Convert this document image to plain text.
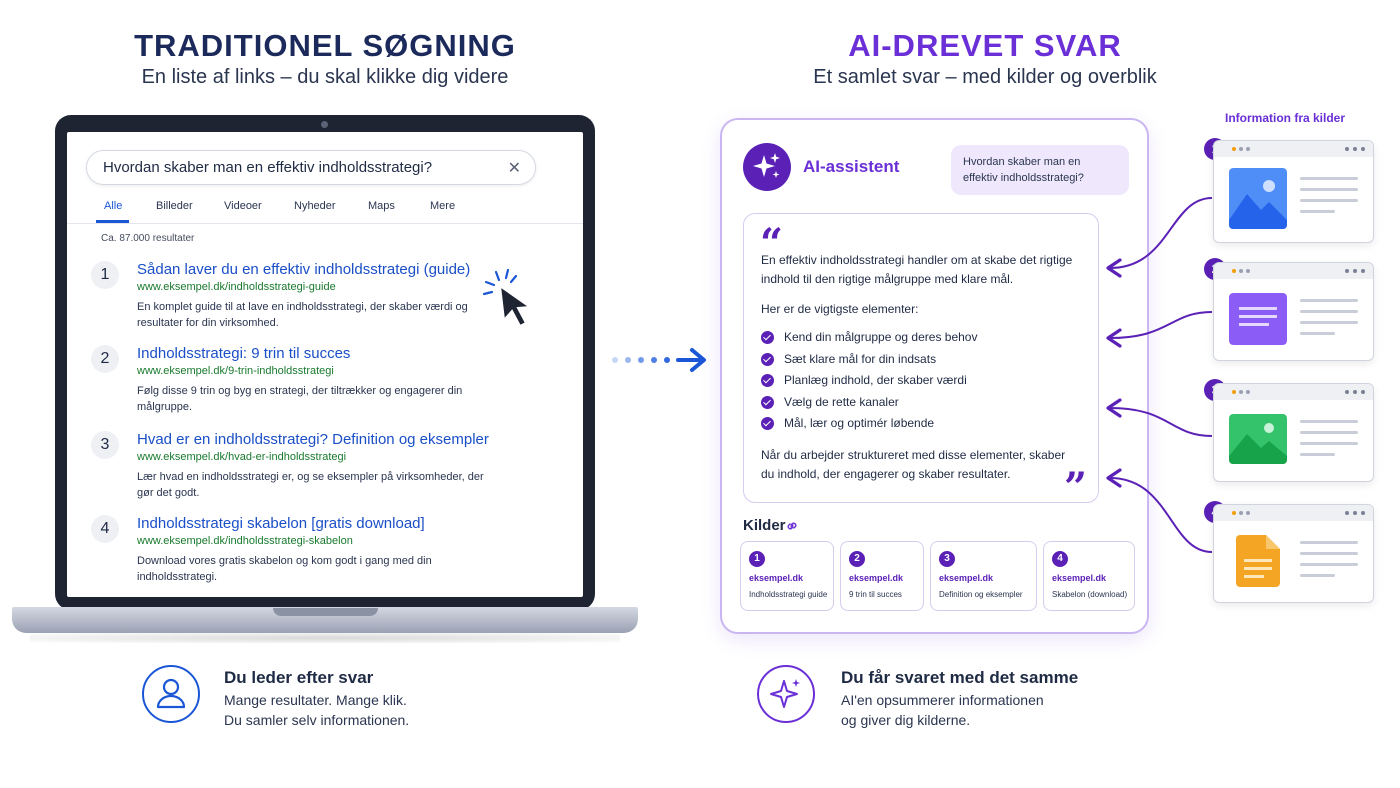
TRADITIONEL SØGNING
En liste af links – du skal klikke dig videre
AI-DREVET SVAR
Et samlet svar – med kilder og overblik
Hvordan skaber man en effektiv indholdsstrategi?	✕
Alle	Billeder	Videoer	Nyheder	Maps	Mere
Ca. 87.000 resultater
1	Sådan laver du en effektiv indholdsstrategi (guide)
www.eksempel.dk/indholdsstrategi-guide
En komplet guide til at lave en indholdsstrategi, der skaber værdi og resultater for din virksomhed.
2	Indholdsstrategi: 9 trin til succes
www.eksempel.dk/9-trin-indholdsstrategi
Følg disse 9 trin og byg en strategi, der tiltrækker og engagerer din målgruppe.
3	Hvad er en indholdsstrategi? Definition og eksempler
www.eksempel.dk/hvad-er-indholdsstrategi
Lær hvad en indholdsstrategi er, og se eksempler på virksomheder, der gør det godt.
4	Indholdsstrategi skabelon [gratis download]
www.eksempel.dk/indholdsstrategi-skabelon
Download vores gratis skabelon og kom godt i gang med din indholdsstrategi.
AI-assistent	Hvordan skaber man en effektiv indholdsstrategi?
“
En effektiv indholdsstrategi handler om at skabe det rigtige indhold til den rigtige målgruppe med klare mål.
Her er de vigtigste elementer:
Kend din målgruppe og deres behov
Sæt klare mål for din indsats
Planlæg indhold, der skaber værdi
Vælg de rette kanaler
Mål, lær og optimér løbende
Når du arbejder struktureret med disse elementer, skaber du indhold, der engagerer og skaber resultater.	”
Kilder
1
eksempel.dk
Indholdsstrategi guide
2
eksempel.dk
9 trin til succes
3
eksempel.dk
Definition og eksempler
4
eksempel.dk
Skabelon (download)
Information fra kilder
Du leder efter svar
Mange resultater. Mange klik.
Du samler selv informationen.
Du får svaret med det samme
AI'en opsummerer informationen
og giver dig kilderne.
